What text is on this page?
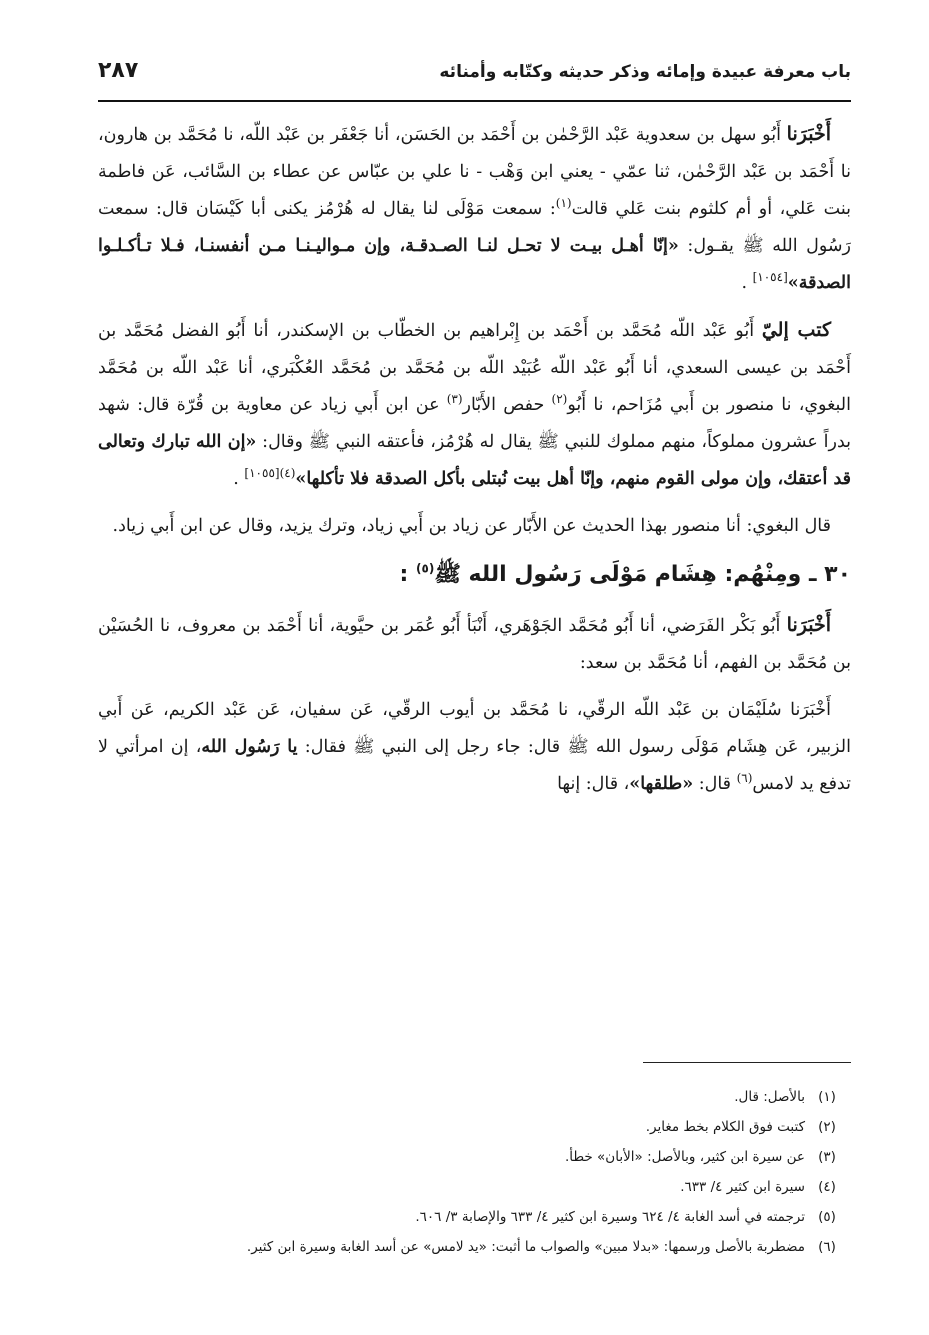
باب معرفة عبيدة وإمائه وذكر حديثه وكتّابه وأمنائه
٢٨٧

أَخْبَرَنا أَبُو سهل بن سعدوية عَبْد الرَّحْمٰن بن أَحْمَد بن الحَسَن، أنا جَعْفَر بن عَبْد اللّه، نا مُحَمَّد بن هارون، نا أَحْمَد بن عَبْد الرَّحْمٰن، ثنا عمّي - يعني ابن وَهْب - نا علي بن عبّاس عن عطاء بن السَّائب، عَن فاطمة بنت عَلي، أو أم كلثوم بنت عَلي قالت$^{(١)}$: سمعت مَوْلَى لنا يقال له هُرْمُز يكنى أبا كَيْسَان قال: سمعت رَسُول الله ﷺ يقـول: «إنّا أهـل بيـت لا تحـل لنـا الصـدقـة، وإن مـواليـنـا مـن أنفسنـا، فـلا تـأكـلـوا الصدقة»[١٠٥٤] .

كتب إليّ أَبُو عَبْد اللّه مُحَمَّد بن أَحْمَد بن إِبْراهيم بن الخطّاب بن الإسكندر، أنا أَبُو الفضل مُحَمَّد بن أَحْمَد بن عيسى السعدي، أنا أَبُو عَبْد اللّه عُبَيْد اللّه بن مُحَمَّد بن مُحَمَّد العُكْبَري، أنا عَبْد اللّه بن مُحَمَّد البغوي، نا منصور بن أَبي مُزَاحم، نا أَبُو$^{(٢)}$ حفص الأَبّار$^{(٣)}$ عن ابن أَبي زياد عن معاوية بن قُرّة قال: شهد بدراً عشرون مملوكاً، منهم مملوك للنبي ﷺ يقال له هُرْمُز، فأعتقه النبي ﷺ وقال: «إن الله تبارك وتعالى قد أعتقك، وإن مولى القوم منهم، وإنّا أهل بيت نُبتلى بأكل الصدقة فلا تأكلها»$^{(٤)[١٠٥٥]}$ .

قال البغوي: أنا منصور بهذا الحديث عن الأَبّار عن زياد بن أَبي زياد، وترك يزيد، وقال عن ابن أَبي زياد.

٣٠ ـ ومِنْهُم: هِشَام مَوْلَى رَسُول الله ﷺ$^{(٥)}$ :

أَخْبَرَنا أَبُو بَكْر الفَرَضي، أنا أَبُو مُحَمَّد الجَوْهَري، أَنْبَأ أَبُو عُمَر بن حيَّوية، أنا أَحْمَد بن معروف، نا الحُسَيْن بن مُحَمَّد بن الفهم، أنا مُحَمَّد بن سعد:

أَخْبَرَنا سُلَيْمَان بن عَبْد اللّه الرقّي، نا مُحَمَّد بن أيوب الرقّي، عَن سفيان، عَن عَبْد الكريم، عَن أَبي الزبير، عَن هِشَام مَوْلَى رسول الله ﷺ قال: جاء رجل إلى النبي ﷺ فقال: يا رَسُول الله، إن امرأتي لا تدفع يد لامس$^{(٦)}$ قال: «طلقها»، قال: إنها

(١)
بالأصل: قال.
(٢)
كتبت فوق الكلام بخط مغاير.
(٣)
عن سيرة ابن كثير، وبالأصل: «الأبان» خطأ.
(٤)
سيرة ابن كثير ٤/ ٦٣٣.
(٥)
ترجمته في أسد الغابة ٤/ ٦٢٤ وسيرة ابن كثير ٤/ ٦٣٣ والإصابة ٣/ ٦٠٦.
(٦)
مضطربة بالأصل ورسمها: «بدلا مبين» والصواب ما أثبت: «يد لامس» عن أسد الغابة وسيرة ابن كثير.
